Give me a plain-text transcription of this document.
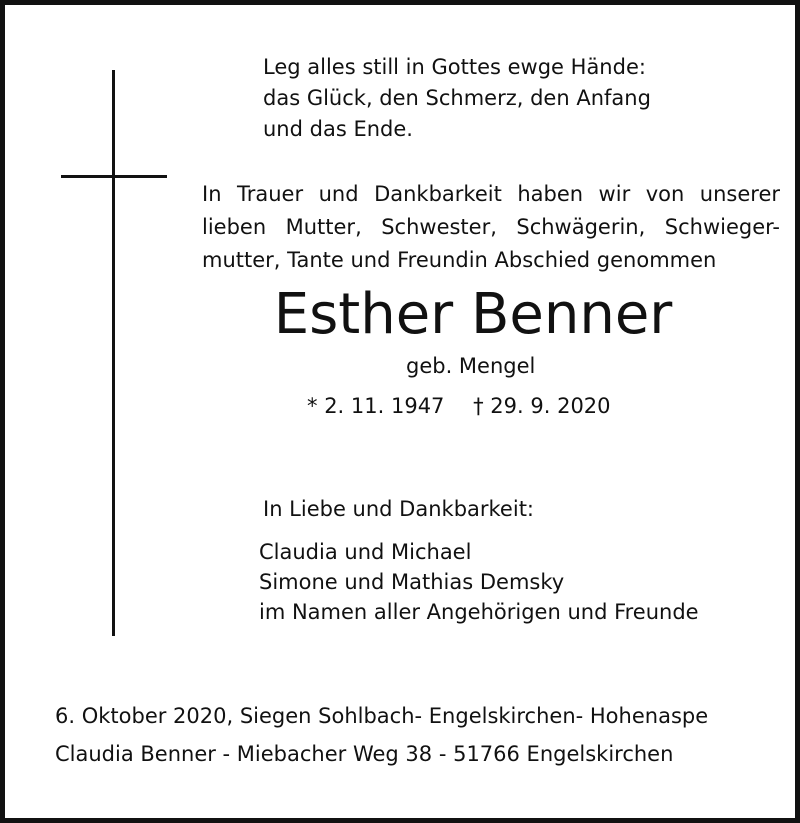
Leg alles still in Gottes ewge Hände:
das Glück, den Schmerz, den Anfang
und das Ende.
In Trauer und Dankbarkeit haben wir von unserer
lieben Mutter, Schwester, Schwägerin, Schwieger-
mutter, Tante und Freundin Abschied genommen
Esther Benner
geb. Mengel
* 2. 11. 1947 † 29. 9. 2020
In Liebe und Dankbarkeit:
Claudia und Michael
Simone und Mathias Demsky
im Namen aller Angehörigen und Freunde
6. Oktober 2020, Siegen Sohlbach- Engelskirchen- Hohenaspe
Claudia Benner - Miebacher Weg 38 - 51766 Engelskirchen
